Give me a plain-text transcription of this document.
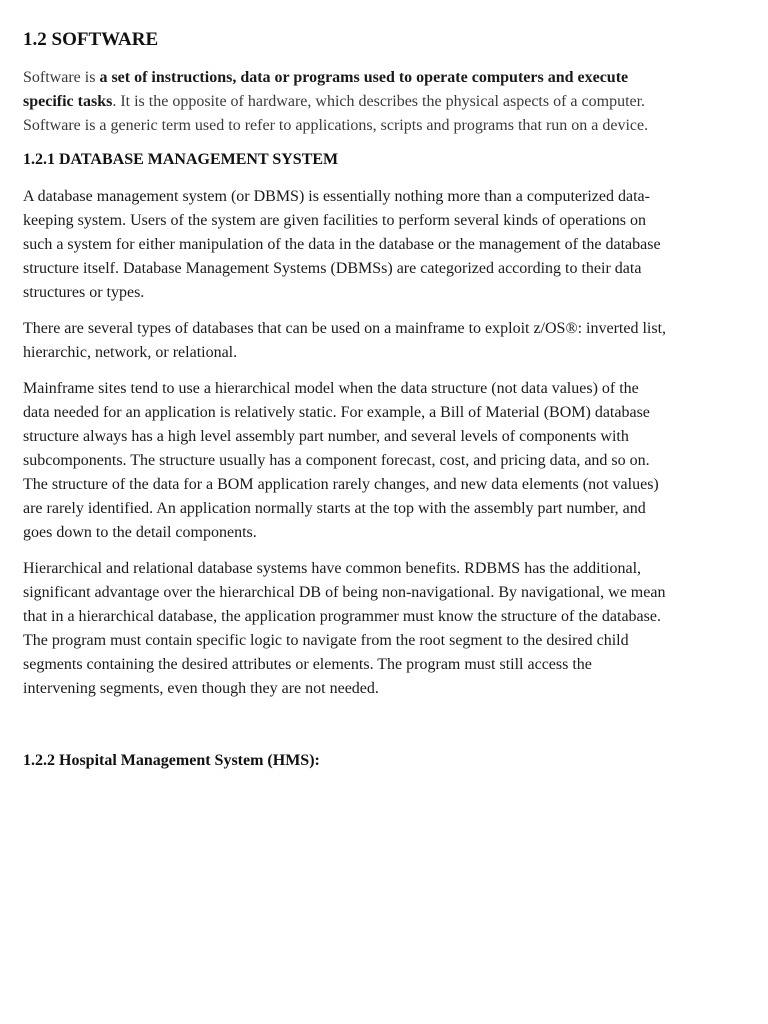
1.2 SOFTWARE

Software is a set of instructions, data or programs used to operate computers and execute specific tasks. It is the opposite of hardware, which describes the physical aspects of a computer. Software is a generic term used to refer to applications, scripts and programs that run on a device.

1.2.1 DATABASE MANAGEMENT SYSTEM

A database management system (or DBMS) is essentially nothing more than a computerized data-keeping system. Users of the system are given facilities to perform several kinds of operations on such a system for either manipulation of the data in the database or the management of the database structure itself. Database Management Systems (DBMSs) are categorized according to their data structures or types.

There are several types of databases that can be used on a mainframe to exploit z/OS®: inverted list, hierarchic, network, or relational.

Mainframe sites tend to use a hierarchical model when the data structure (not data values) of the data needed for an application is relatively static. For example, a Bill of Material (BOM) database structure always has a high level assembly part number, and several levels of components with subcomponents. The structure usually has a component forecast, cost, and pricing data, and so on. The structure of the data for a BOM application rarely changes, and new data elements (not values) are rarely identified. An application normally starts at the top with the assembly part number, and goes down to the detail components.

Hierarchical and relational database systems have common benefits. RDBMS has the additional, significant advantage over the hierarchical DB of being non-navigational. By navigational, we mean that in a hierarchical database, the application programmer must know the structure of the database. The program must contain specific logic to navigate from the root segment to the desired child segments containing the desired attributes or elements. The program must still access the intervening segments, even though they are not needed.

1.2.2 Hospital Management System (HMS):
